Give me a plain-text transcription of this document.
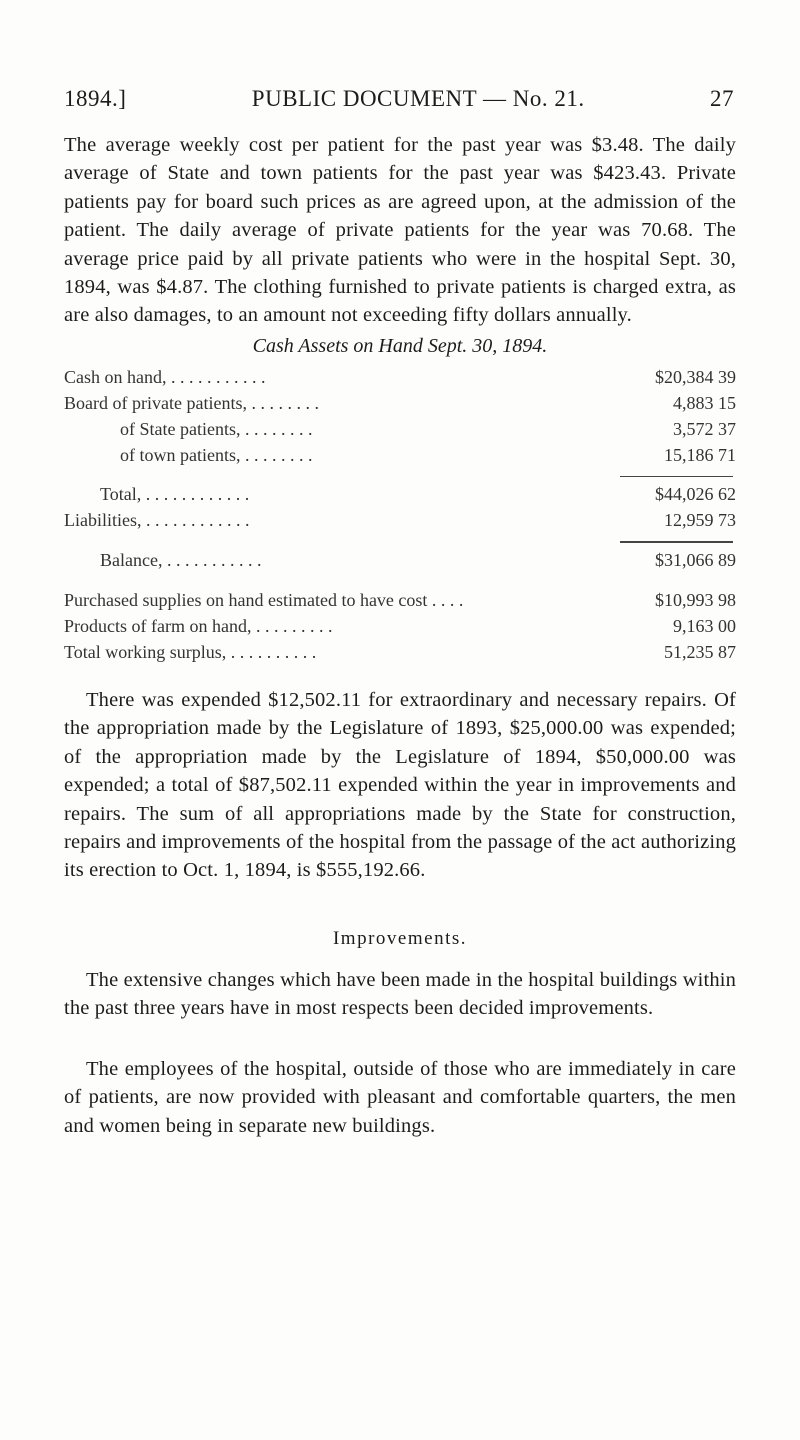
1894.]	PUBLIC DOCUMENT — No. 21.	27

The average weekly cost per patient for the past year was $3.48. The daily average of State and town patients for the past year was $423.43. Private patients pay for board such prices as are agreed upon, at the admission of the patient. The daily average of private patients for the year was 70.68. The average price paid by all private patients who were in the hospital Sept. 30, 1894, was $4.87. The clothing furnished to private patients is charged extra, as are also damages, to an amount not exceeding fifty dollars annually.

Cash Assets on Hand Sept. 30, 1894.
Cash on hand, . . . . . . . . . . .	$20,384 39
Board of private patients, . . . . . . . .	4,883 15
of State patients, . . . . . . . .	3,572 37
of town patients, . . . . . . . .	15,186 71
Total, . . . . . . . . . . . .	$44,026 62
Liabilities, . . . . . . . . . . . .	12,959 73
Balance, . . . . . . . . . . .	$31,066 89
Purchased supplies on hand estimated to have cost . . . .	$10,993 98
Products of farm on hand, . . . . . . . . .	9,163 00
Total working surplus, . . . . . . . . . .	51,235 87

There was expended $12,502.11 for extraordinary and necessary repairs. Of the appropriation made by the Legislature of 1893, $25,000.00 was expended; of the appropriation made by the Legislature of 1894, $50,000.00 was expended; a total of $87,502.11 expended within the year in improvements and repairs. The sum of all appropriations made by the State for construction, repairs and improvements of the hospital from the passage of the act authorizing its erection to Oct. 1, 1894, is $555,192.66.

Improvements.

The extensive changes which have been made in the hospital buildings within the past three years have in most respects been decided improvements.

The employees of the hospital, outside of those who are immediately in care of patients, are now provided with pleasant and comfortable quarters, the men and women being in separate new buildings.
